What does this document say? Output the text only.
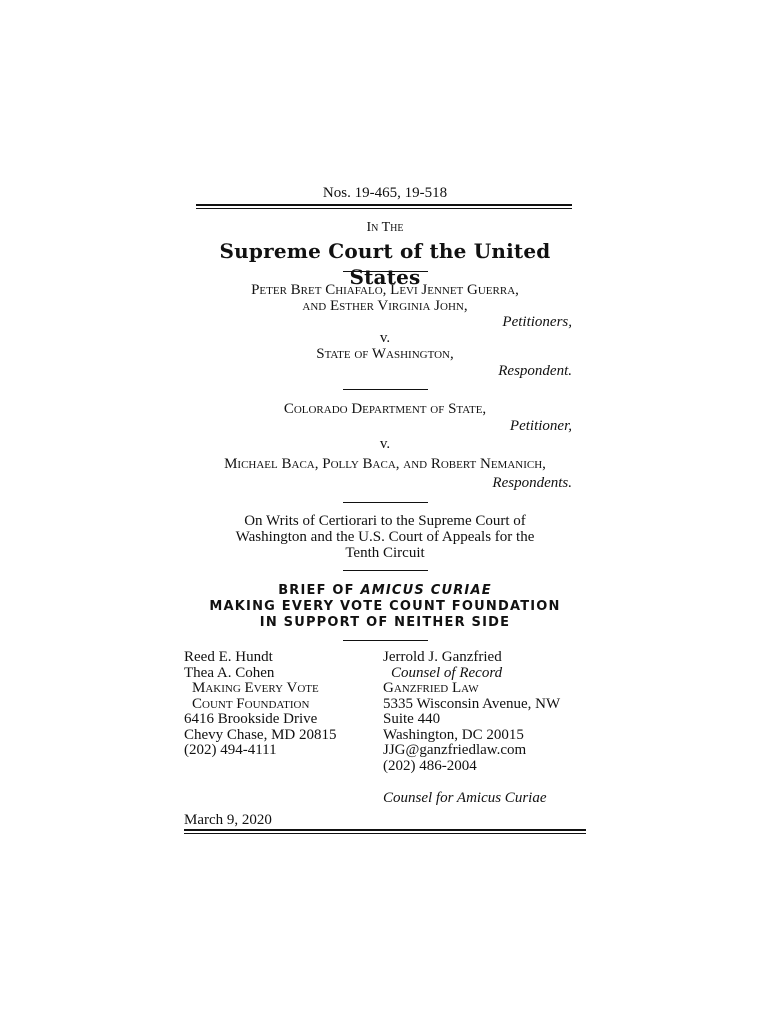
Nos. 19-465, 19-518
In The
Supreme Court of the United States
Peter Bret Chiafalo, Levi Jennet Guerra,
and Esther Virginia John,
Petitioners,
v.
State of Washington,
Respondent.
Colorado Department of State,
Petitioner,
v.
Michael Baca, Polly Baca, and Robert Nemanich,
Respondents.
On Writs of Certiorari to the Supreme Court of
Washington and the U.S. Court of Appeals for the
Tenth Circuit
BRIEF OF AMICUS CURIAE
MAKING EVERY VOTE COUNT FOUNDATION
IN SUPPORT OF NEITHER SIDE
Reed E. Hundt
Thea A. Cohen
Making Every Vote
Count Foundation
6416 Brookside Drive
Chevy Chase, MD 20815
(202) 494-4111
Jerrold J. Ganzfried
Counsel of Record
Ganzfried Law
5335 Wisconsin Avenue, NW
Suite 440
Washington, DC 20015
JJG@ganzfriedlaw.com
(202) 486-2004
Counsel for Amicus Curiae
March 9, 2020
